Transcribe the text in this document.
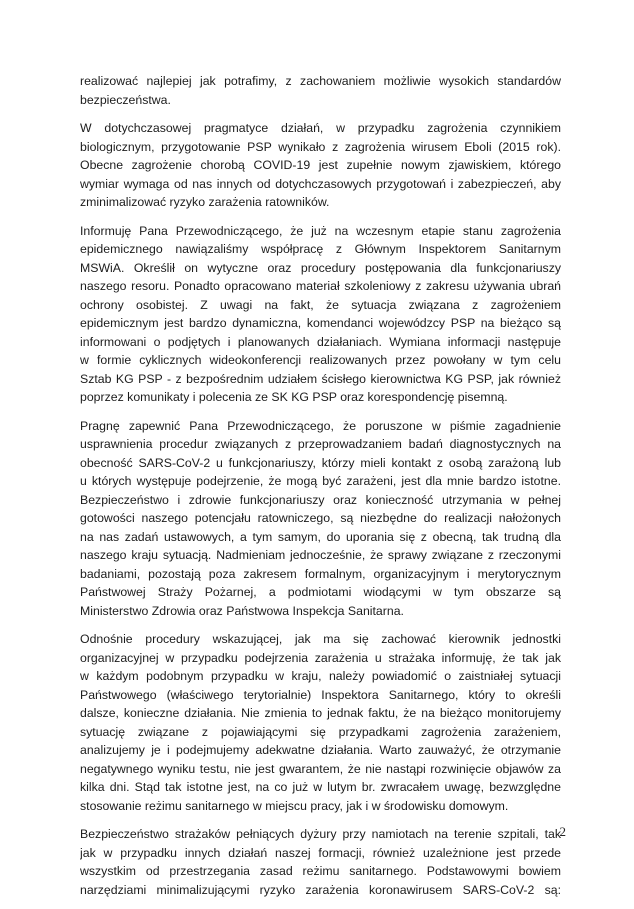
realizować najlepiej jak potrafimy, z zachowaniem możliwie wysokich standardów
bezpieczeństwa.
W dotychczasowej pragmatyce działań, w przypadku zagrożenia czynnikiem
biologicznym, przygotowanie PSP wynikało z zagrożenia wirusem Eboli (2015 rok).
Obecne zagrożenie chorobą COVID-19 jest zupełnie nowym zjawiskiem, którego
wymiar wymaga od nas innych od dotychczasowych przygotowań i zabezpieczeń, aby
zminimalizować ryzyko zarażenia ratowników.
Informuję Pana Przewodniczącego, że już na wczesnym etapie stanu zagrożenia
epidemicznego nawiązaliśmy współpracę z Głównym Inspektorem Sanitarnym
MSWiA. Określił on wytyczne oraz procedury postępowania dla funkcjonariuszy
naszego resoru. Ponadto opracowano materiał szkoleniowy z zakresu używania ubrań
ochrony osobistej. Z uwagi na fakt, że sytuacja związana z zagrożeniem
epidemicznym jest bardzo dynamiczna, komendanci wojewódzcy PSP na bieżąco są
informowani o podjętych i planowanych działaniach. Wymiana informacji następuje
w formie cyklicznych wideokonferencji realizowanych przez powołany w tym celu
Sztab KG PSP - z bezpośrednim udziałem ścisłego kierownictwa KG PSP, jak również
poprzez komunikaty i polecenia ze SK KG PSP oraz korespondencję pisemną.
Pragnę zapewnić Pana Przewodniczącego, że poruszone w piśmie zagadnienie
usprawnienia procedur związanych z przeprowadzaniem badań diagnostycznych na
obecność SARS-CoV-2 u funkcjonariuszy, którzy mieli kontakt z osobą zarażoną lub
u których występuje podejrzenie, że mogą być zarażeni, jest dla mnie bardzo istotne.
Bezpieczeństwo i zdrowie funkcjonariuszy oraz konieczność utrzymania w pełnej
gotowości naszego potencjału ratowniczego, są niezbędne do realizacji nałożonych
na nas zadań ustawowych, a tym samym, do uporania się z obecną, tak trudną dla
naszego kraju sytuacją. Nadmieniam jednocześnie, że sprawy związane z rzeczonymi
badaniami, pozostają poza zakresem formalnym, organizacyjnym i merytorycznym
Państwowej Straży Pożarnej, a podmiotami wiodącymi w tym obszarze są
Ministerstwo Zdrowia oraz Państwowa Inspekcja Sanitarna.
Odnośnie procedury wskazującej, jak ma się zachować kierownik jednostki
organizacyjnej w przypadku podejrzenia zarażenia u strażaka informuję, że tak jak
w każdym podobnym przypadku w kraju, należy powiadomić o zaistniałej sytuacji
Państwowego (właściwego terytorialnie) Inspektora Sanitarnego, który to określi
dalsze, konieczne działania. Nie zmienia to jednak faktu, że na bieżąco monitorujemy
sytuację związane z pojawiającymi się przypadkami zagrożenia zarażeniem,
analizujemy je i podejmujemy adekwatne działania. Warto zauważyć, że otrzymanie
negatywnego wyniku testu, nie jest gwarantem, że nie nastąpi rozwinięcie objawów za
kilka dni. Stąd tak istotne jest, na co już w lutym br. zwracałem uwagę, bezwzględne
stosowanie reżimu sanitarnego w miejscu pracy, jak i w środowisku domowym.
Bezpieczeństwo strażaków pełniących dyżury przy namiotach na terenie szpitali, tak
jak w przypadku innych działań naszej formacji, również uzależnione jest przede
wszystkim od przestrzegania zasad reżimu sanitarnego. Podstawowymi bowiem
narzędziami minimalizującymi ryzyko zarażenia koronawirusem SARS-CoV-2 są:
2
